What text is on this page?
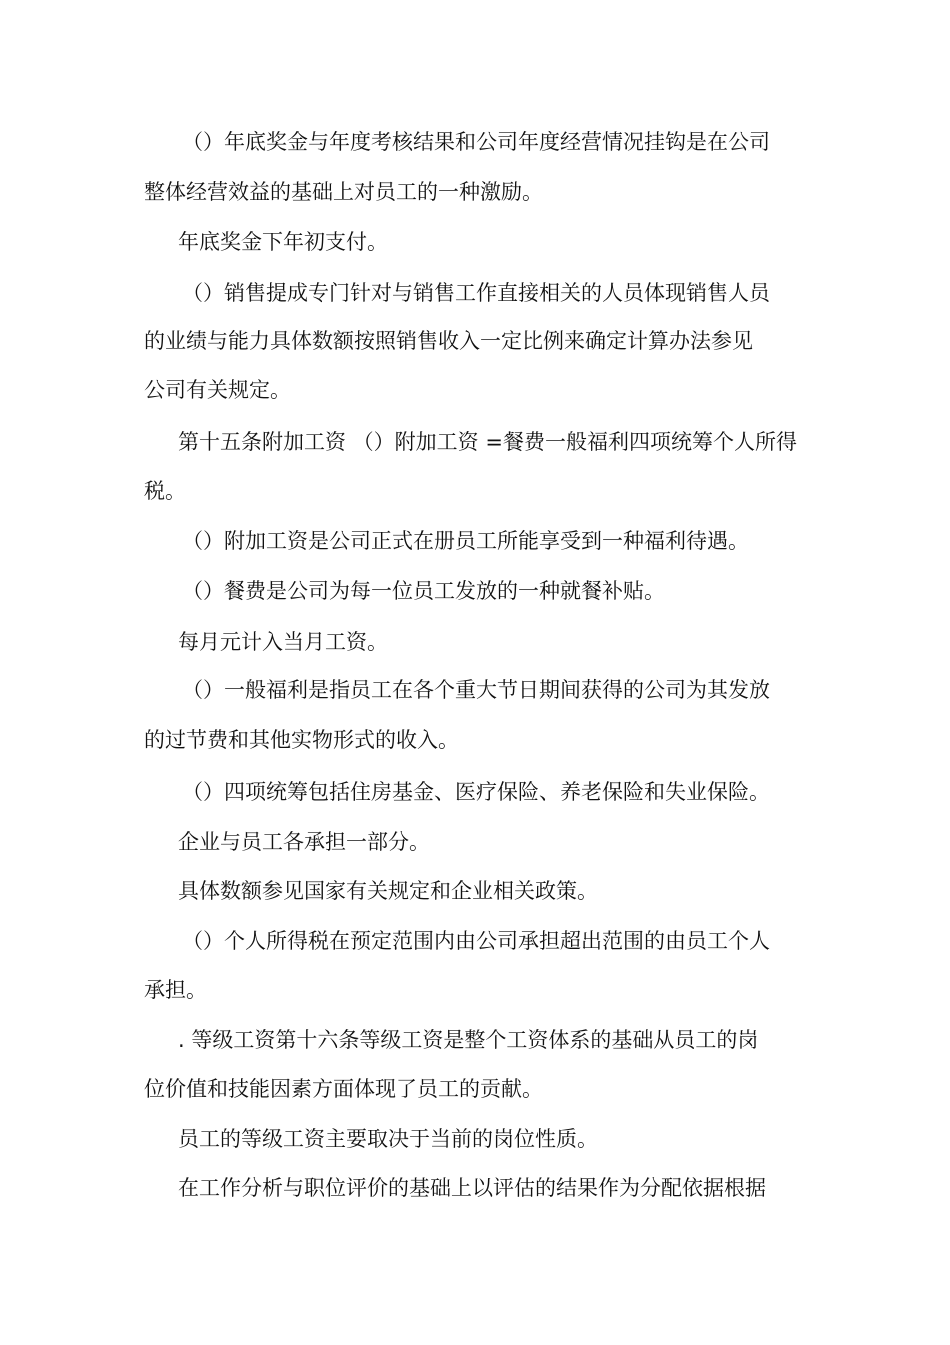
（）年底奖金与年度考核结果和公司年度经营情况挂钩是在公司
整体经营效益的基础上对员工的一种激励。
年底奖金下年初支付。
（）销售提成专门针对与销售工作直接相关的人员体现销售人员
的业绩与能力具体数额按照销售收入一定比例来确定计算办法参见
公司有关规定。
第十五条附加工资 （）附加工资 =餐费一般福利四项统筹个人所得
税。
（）附加工资是公司正式在册员工所能享受到一种福利待遇。
（）餐费是公司为每一位员工发放的一种就餐补贴。
每月元计入当月工资。
（）一般福利是指员工在各个重大节日期间获得的公司为其发放
的过节费和其他实物形式的收入。
（）四项统筹包括住房基金、医疗保险、养老保险和失业保险。
企业与员工各承担一部分。
具体数额参见国家有关规定和企业相关政策。
（）个人所得税在预定范围内由公司承担超出范围的由员工个人
承担。
. 等级工资第十六条等级工资是整个工资体系的基础从员工的岗
位价值和技能因素方面体现了员工的贡献。
员工的等级工资主要取决于当前的岗位性质。
在工作分析与职位评价的基础上以评估的结果作为分配依据根据
